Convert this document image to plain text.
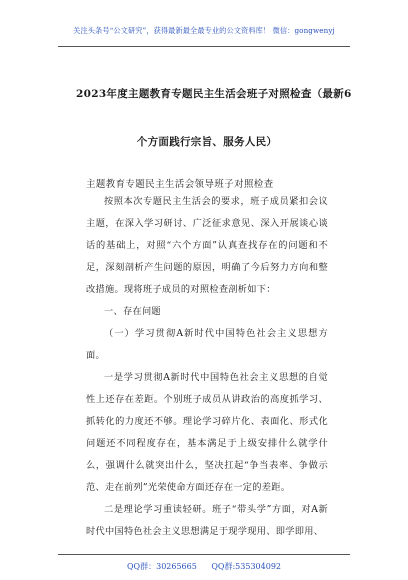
关注头条号“公文研究”，获得最新最全最专业的公文资料库！ 微信：gongwenyj
2023年度主题教育专题民主生活会班子对照检查（最新6
个方面践行宗旨、服务人民）
主题教育专题民主生活会领导班子对照检查

按照本次专题民主生活会的要求，班子成员紧扣会议主题，在深入学习研讨、广泛征求意见、深入开展谈心谈话的基础上，对照“六个方面”认真查找存在的问题和不足，深刻剖析产生问题的原因，明确了今后努力方向和整改措施。现将班子成员的对照检查剖析如下：

一、存在问题

（一）学习贯彻A新时代中国特色社会主义思想方面。

一是学习贯彻A新时代中国特色社会主义思想的自觉性上还存在差距。个别班子成员从讲政治的高度抓学习、抓转化的力度还不够。理论学习碎片化、表面化、形式化问题还不同程度存在，基本满足于上级安排什么就学什么，强调什么就突出什么，坚决扛起“争当表率、争做示范、走在前列”光荣使命方面还存在一定的差距。

二是理论学习重读轻研。班子“带头学”方面，对A新时代中国特色社会主义思想满足于现学现用、即学即用、

QQ群：30265665 QQ群:535304092
